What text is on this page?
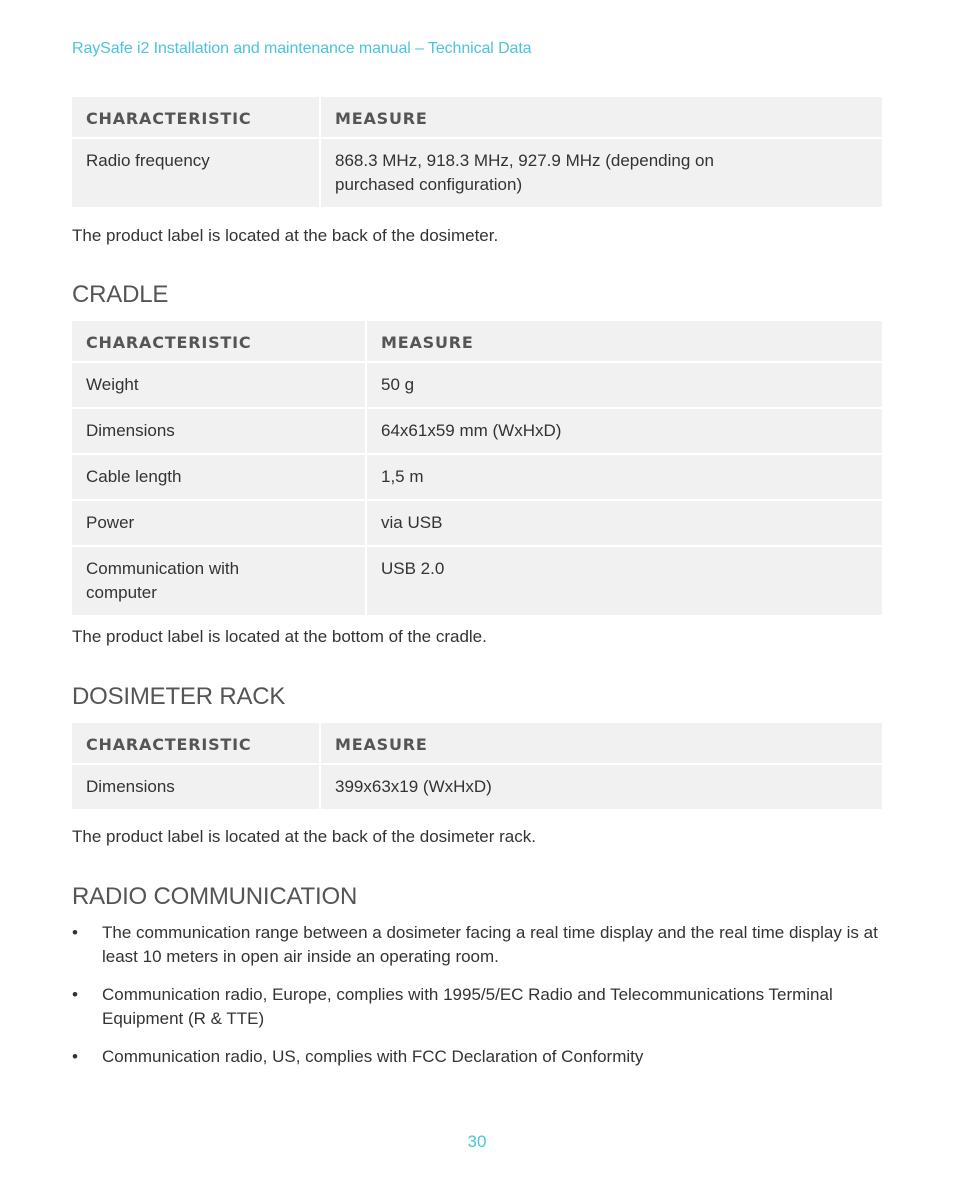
RaySafe i2 Installation and maintenance manual – Technical Data
CHARACTERISTIC	MEASURE
Radio frequency	868.3 MHz, 918.3 MHz, 927.9 MHz (depending on purchased configuration)
The product label is located at the back of the dosimeter.
CRADLE
CHARACTERISTIC	MEASURE
Weight	50 g
Dimensions	64x61x59 mm (WxHxD)
Cable length	1,5 m
Power	via USB
Communication with computer	USB 2.0
The product label is located at the bottom of the cradle.
DOSIMETER RACK
CHARACTERISTIC	MEASURE
Dimensions	399x63x19 (WxHxD)
The product label is located at the back of the dosimeter rack.
RADIO COMMUNICATION
• The communication range between a dosimeter facing a real time display and the real time display is at least 10 meters in open air inside an operating room.
• Communication radio, Europe, complies with 1995/5/EC Radio and Telecommunications Terminal Equipment (R & TTE)
• Communication radio, US, complies with FCC Declaration of Conformity
30
